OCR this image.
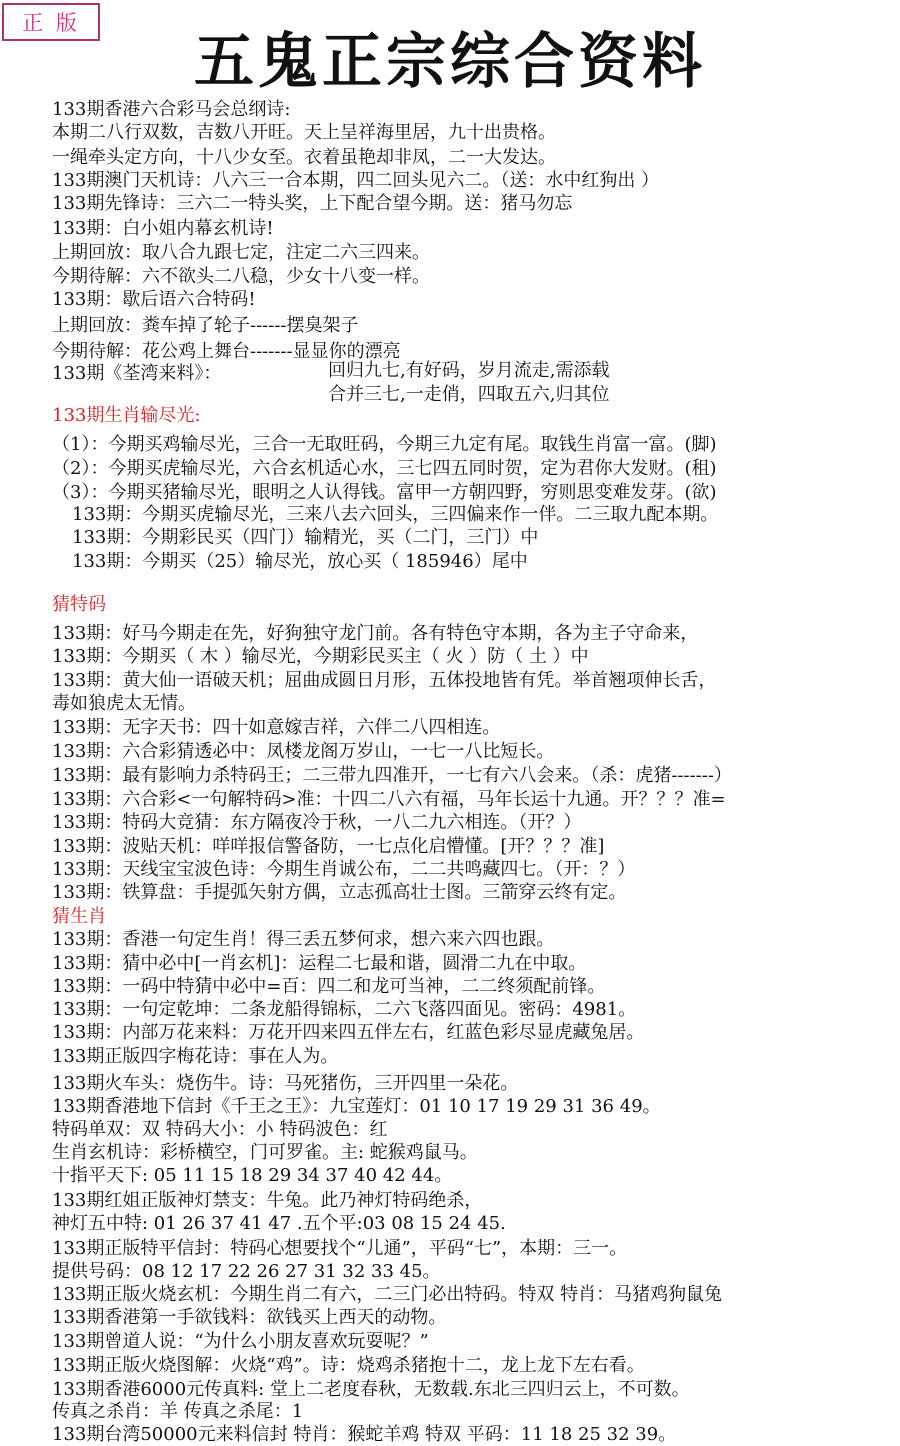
正 版
五鬼正宗综合资料
133期香港六合彩马会总纲诗:
本期二八行双数，吉数八开旺。天上呈祥海里居，九十出贵格。
一绳牵头定方向，十八少女至。衣着虽艳却非凤，二一大发达。
133期澳门天机诗：八六三一合本期，四二回头见六二。（送：水中红狗出 ）
133期先锋诗：三六二一特头奖，上下配合望今期。送：猪马勿忘
133期：白小姐内幕玄机诗!
上期回放：取八合九跟七定，注定二六三四来。
今期待解：六不欲头二八稳，少女十八变一样。
133期：歇后语六合特码!
上期回放：粪车掉了轮子------摆臭架子
今期待解：花公鸡上舞台-------显显你的漂亮
133期《荃湾来料》：	回归九七,有好码，岁月流走,需添载
合并三七,一走俏，四取五六,归其位
133期生肖输尽光:
（1）：今期买鸡输尽光，三合一无取旺码，今期三九定有尾。取钱生肖富一富。(脚)
（2）：今期买虎输尽光，六合玄机适心水，三七四五同时贺，定为君你大发财。(租)
（3）：今期买猪输尽光，眼明之人认得钱。富甲一方朝四野，穷则思变难发芽。(欲)
133期：今期买虎输尽光，三来八去六回头，三四偏来作一伴。二三取九配本期。
133期：今期彩民买（四门）输精光，买（二门，三门）中
133期：今期买（25）输尽光，放心买（ 185946）尾中
猜特码
133期：好马今期走在先，好狗独守龙门前。各有特色守本期，各为主子守命来，
133期：今期买（ 木 ）输尽光，今期彩民买主（ 火 ）防（ 土 ）中
133期：黄大仙一语破天机；屈曲成圆日月形，五体投地皆有凭。举首翘项伸长舌，
毒如狼虎太无情。
133期：无字天书：四十如意嫁吉祥，六伴二八四相连。
133期：六合彩猜透必中：凤楼龙阁万岁山，一七一八比短长。
133期：最有影响力杀特码王；二三带九四准开，一七有六八会来。（杀：虎猪-------）
133期：六合彩<一句解特码>准：十四二八六有福，马年长运十九通。开？？？准=
133期：特码大竞猜：东方隔夜冷于秋，一八二九六相连。（开？）
133期：波贴天机：咩咩报信警备防，一七点化启懵懂。[开？？？准]
133期：天线宝宝波色诗：今期生肖诚公布，二二共鸣藏四七。（开：？）
133期：铁算盘：手提弧矢射方偶，立志孤高壮士图。三箭穿云终有定。
猜生肖
133期：香港一句定生肖！得三丢五梦何求，想六来六四也跟。
133期：猜中必中[一肖玄机]：运程二七最和谐，圆滑二九在中取。
133期：一码中特猜中必中=百：四二和龙可当神，二二终须配前锋。
133期：一句定乾坤：二条龙船得锦标，二六飞落四面见。密码：4981。
133期：内部万花来料：万花开四来四五伴左右，红蓝色彩尽显虎藏兔居。
133期正版四字梅花诗：事在人为。
133期火车头：烧伤牛。诗：马死猪伤，三开四里一朵花。
133期香港地下信封《千王之王》：九宝莲灯：01 10 17 19 29 31 36 49。
特码单双：双 特码大小：小 特码波色：红
生肖玄机诗：彩桥横空，门可罗雀。主: 蛇猴鸡鼠马。
十指平天下: 05 11 15 18 29 34 37 40 42 44。
133期红姐正版神灯禁支：牛兔。此乃神灯特码绝杀，
神灯五中特: 01 26 37 41 47 .五个平:03 08 15 24 45.
133期正版特平信封：特码心想要找个“儿通”，平码“七”，本期：三一。
提供号码：08 12 17 22 26 27 31 32 33 45。
133期正版火烧玄机：今期生肖二有六，二三门必出特码。特双 特肖：马猪鸡狗鼠兔
133期香港第一手欲钱料：欲钱买上西天的动物。
133期曾道人说：“为什么小朋友喜欢玩耍呢？”
133期正版火烧图解：火烧“鸡”。诗：烧鸡杀猪抱十二，龙上龙下左右看。
133期香港6000元传真料: 堂上二老度春秋，无数载.东北三四归云上，不可数。
传真之杀肖：羊 传真之杀尾：1
133期台湾50000元来料信封 特肖：猴蛇羊鸡 特双 平码：11 18 25 32 39。
